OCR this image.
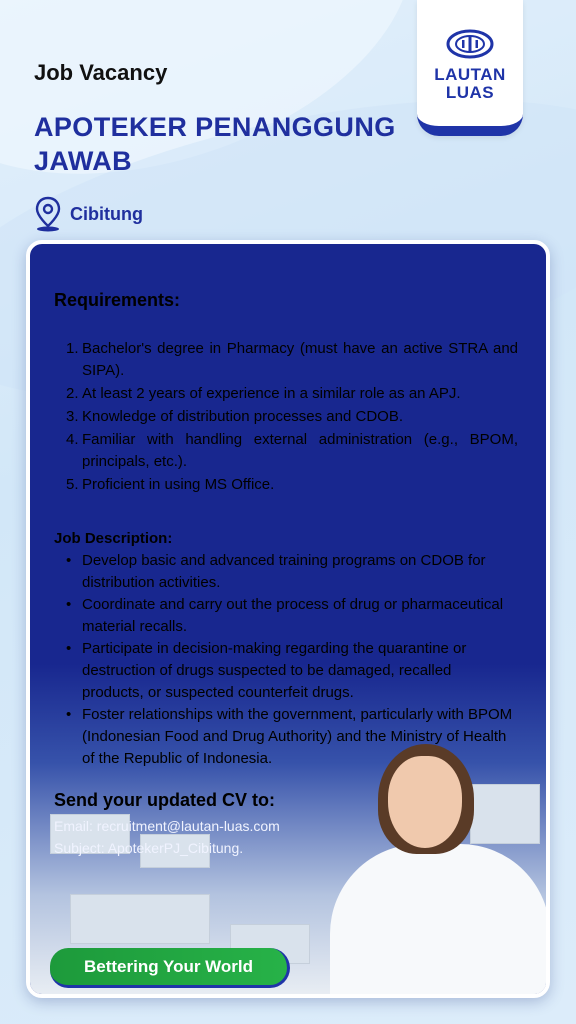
LAUTAN
LUAS
Job Vacancy
APOTEKER PENANGGUNG JAWAB
Cibitung
Requirements:
1. Bachelor's degree in Pharmacy (must have an active STRA and SIPA).
2. At least 2 years of experience in a similar role as an APJ.
3. Knowledge of distribution processes and CDOB.
4. Familiar with handling external administration (e.g., BPOM, principals, etc.).
5. Proficient in using MS Office.
Job Description:
• Develop basic and advanced training programs on CDOB for distribution activities.
• Coordinate and carry out the process of drug or pharmaceutical material recalls.
• Participate in decision-making regarding the quarantine or destruction of drugs suspected to be damaged, recalled products, or suspected counterfeit drugs.
• Foster relationships with the government, particularly with BPOM (Indonesian Food and Drug Authority) and the Ministry of Health of the Republic of Indonesia.
Send your updated CV to:
Email: recruitment@lautan-luas.com
Subject: ApotekerPJ_Cibitung.
Bettering Your World
